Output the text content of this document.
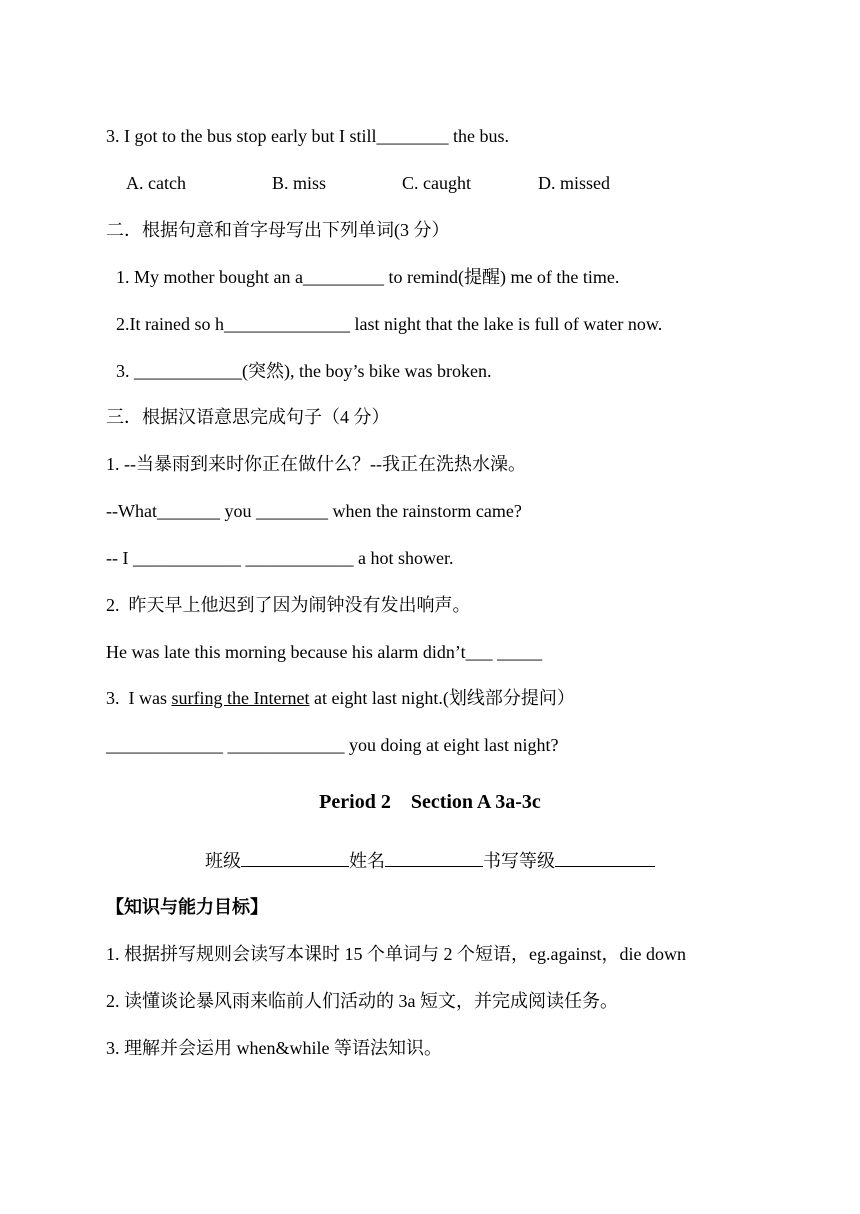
3. I got to the bus stop early but I still________ the bus.
A. catch	B. miss	C. caught	D. missed
二．根据句意和首字母写出下列单词(3 分）
1. My mother bought an a_________ to remind(提醒) me of the time.
2.It rained so h______________ last night that the lake is full of water now.
3. ____________(突然), the boy’s bike was broken.
三．根据汉语意思完成句子（4 分）
1. --当暴雨到来时你正在做什么？--我正在洗热水澡。
--What_______ you ________ when the rainstorm came?
-- I ____________ ____________ a hot shower.
2.  昨天早上他迟到了因为闹钟没有发出响声。
He was late this morning because his alarm didn’t___ _____
3.  I was surfing the Internet at eight last night.(划线部分提问）
_____________ _____________ you doing at eight last night?
Period 2    Section A 3a-3c
班级	姓名	书写等级
【知识与能力目标】
1. 根据拼写规则会读写本课时 15 个单词与 2 个短语，eg.against，die down
2. 读懂谈论暴风雨来临前人们活动的 3a 短文，并完成阅读任务。
3. 理解并会运用 when&while 等语法知识。
